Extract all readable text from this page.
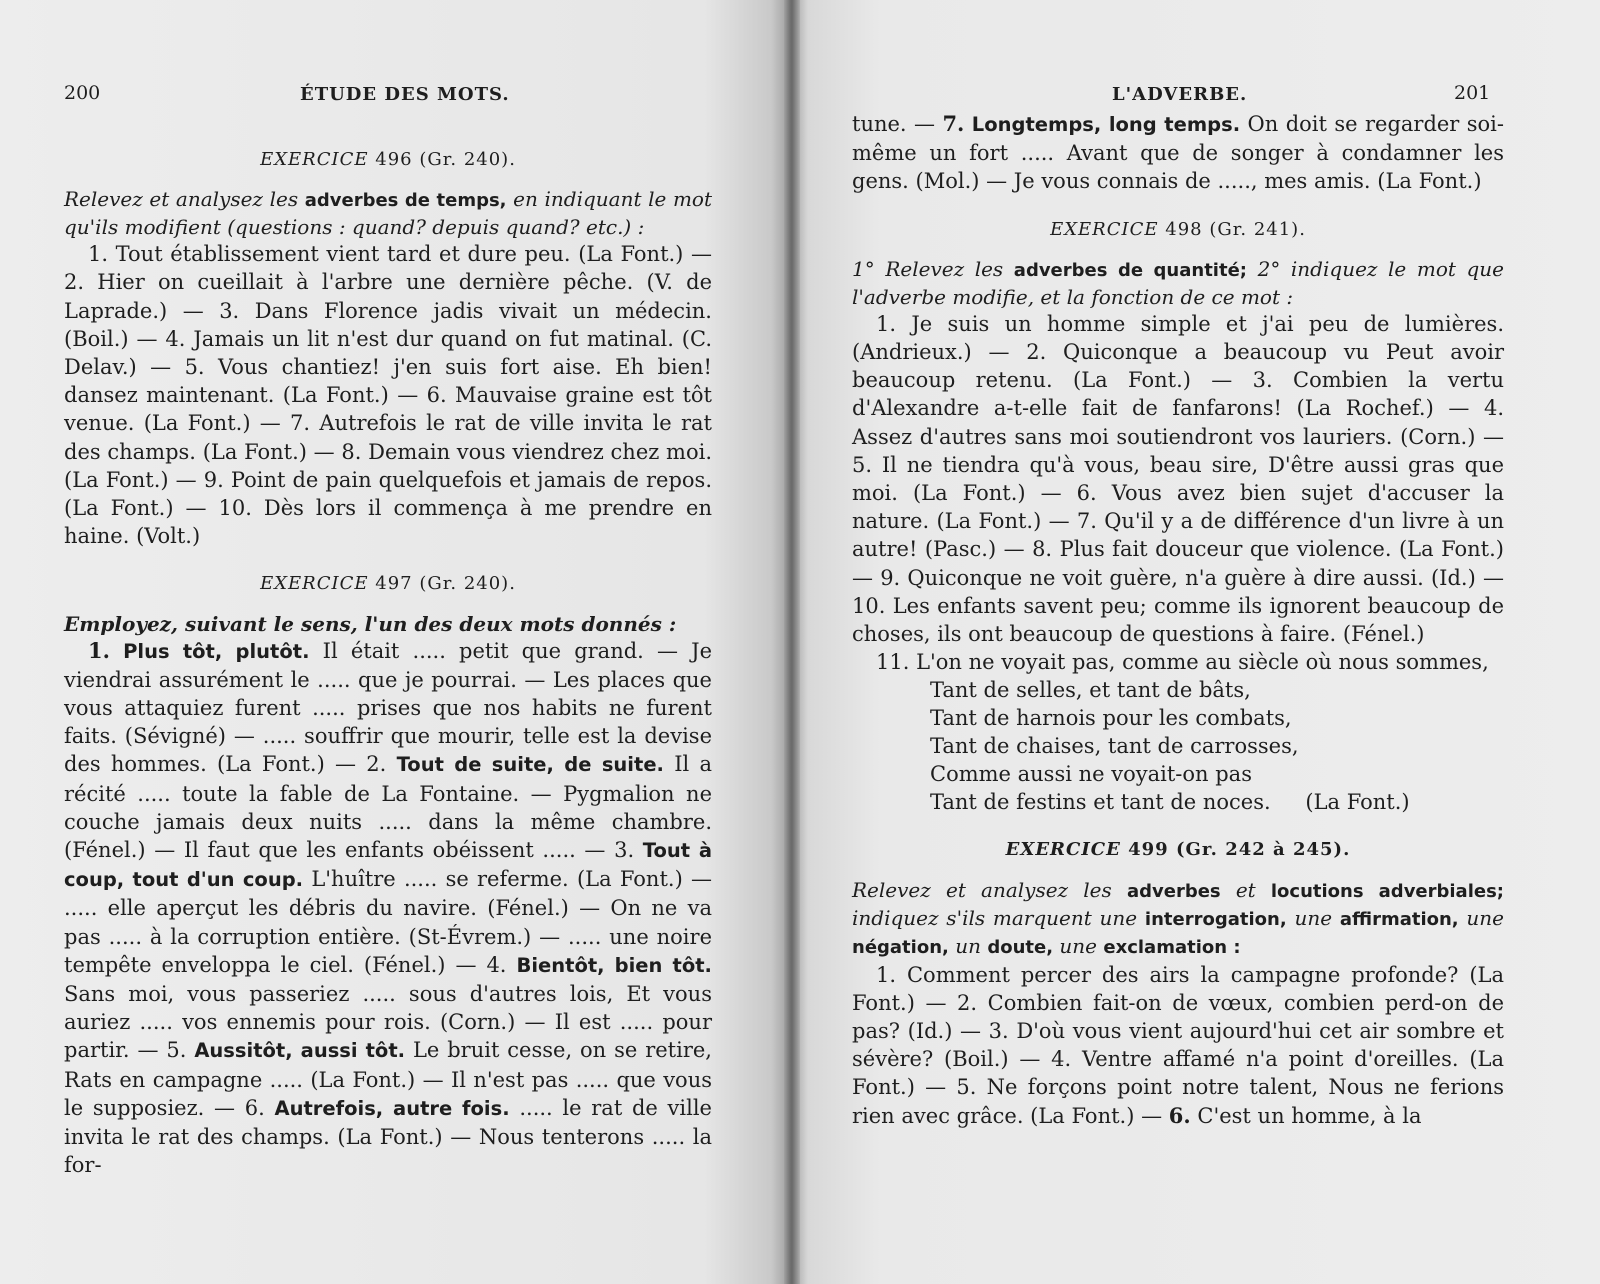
200	ÉTUDE DES MOTS.
EXERCICE 496 (Gr. 240).

Relevez et analysez les adverbes de temps, en indiquant le mot qu'ils modifient (questions : quand? depuis quand? etc.) :

1. Tout établissement vient tard et dure peu. (La Font.) — 2. Hier on cueillait à l'arbre une dernière pêche. (V. de Laprade.) — 3. Dans Florence jadis vivait un médecin. (Boil.) — 4. Jamais un lit n'est dur quand on fut matinal. (C. Delav.) — 5. Vous chantiez! j'en suis fort aise. Eh bien! dansez maintenant. (La Font.) — 6. Mauvaise graine est tôt venue. (La Font.) — 7. Autrefois le rat de ville invita le rat des champs. (La Font.) — 8. Demain vous viendrez chez moi. (La Font.) — 9. Point de pain quelquefois et jamais de repos. (La Font.) — 10. Dès lors il commença à me prendre en haine. (Volt.)

EXERCICE 497 (Gr. 240).

Employez, suivant le sens, l'un des deux mots donnés :

1. Plus tôt, plutôt. Il était ..... petit que grand. — Je viendrai assurément le ..... que je pourrai. — Les places que vous attaquiez furent ..... prises que nos habits ne furent faits. (Sévigné) — ..... souffrir que mourir, telle est la devise des hommes. (La Font.) — 2. Tout de suite, de suite. Il a récité ..... toute la fable de La Fontaine. — Pygmalion ne couche jamais deux nuits ..... dans la même chambre. (Fénel.) — Il faut que les enfants obéissent ..... — 3. Tout à coup, tout d'un coup. L'huître ..... se referme. (La Font.) — ..... elle aperçut les débris du navire. (Fénel.) — On ne va pas ..... à la corruption entière. (St-Évrem.) — ..... une noire tempête enveloppa le ciel. (Fénel.) — 4. Bientôt, bien tôt. Sans moi, vous passeriez ..... sous d'autres lois, Et vous auriez ..... vos ennemis pour rois. (Corn.) — Il est ..... pour partir. — 5. Aussitôt, aussi tôt. Le bruit cesse, on se retire, Rats en campagne ..... (La Font.) — Il n'est pas ..... que vous le supposiez. — 6. Autrefois, autre fois. ..... le rat de ville invita le rat des champs. (La Font.) — Nous tenterons ..... la for-

L'ADVERBE.	201

tune. — 7. Longtemps, long temps. On doit se regarder soi-même un fort ..... Avant que de songer à condamner les gens. (Mol.) — Je vous connais de ....., mes amis. (La Font.)

EXERCICE 498 (Gr. 241).

1° Relevez les adverbes de quantité; 2° indiquez le mot que l'adverbe modifie, et la fonction de ce mot :

1. Je suis un homme simple et j'ai peu de lumières. (Andrieux.) — 2. Quiconque a beaucoup vu Peut avoir beaucoup retenu. (La Font.) — 3. Combien la vertu d'Alexandre a-t-elle fait de fanfarons! (La Rochef.) — 4. Assez d'autres sans moi soutiendront vos lauriers. (Corn.) — 5. Il ne tiendra qu'à vous, beau sire, D'être aussi gras que moi. (La Font.) — 6. Vous avez bien sujet d'accuser la nature. (La Font.) — 7. Qu'il y a de différence d'un livre à un autre! (Pasc.) — 8. Plus fait douceur que violence. (La Font.) — 9. Quiconque ne voit guère, n'a guère à dire aussi. (Id.) — 10. Les enfants savent peu; comme ils ignorent beaucoup de choses, ils ont beaucoup de questions à faire. (Fénel.)

11. L'on ne voyait pas, comme au siècle où nous sommes,

Tant de selles, et tant de bâts,

Tant de harnois pour les combats,

Tant de chaises, tant de carrosses,

Comme aussi ne voyait-on pas

Tant de festins et tant de noces. (La Font.)

EXERCICE 499 (Gr. 242 à 245).

Relevez et analysez les adverbes et locutions adverbiales; indiquez s'ils marquent une interrogation, une affirmation, une négation, un doute, une exclamation :

1. Comment percer des airs la campagne profonde? (La Font.) — 2. Combien fait-on de vœux, combien perd-on de pas? (Id.) — 3. D'où vous vient aujourd'hui cet air sombre et sévère? (Boil.) — 4. Ventre affamé n'a point d'oreilles. (La Font.) — 5. Ne forçons point notre talent, Nous ne ferions rien avec grâce. (La Font.) — 6. C'est un homme, à la
